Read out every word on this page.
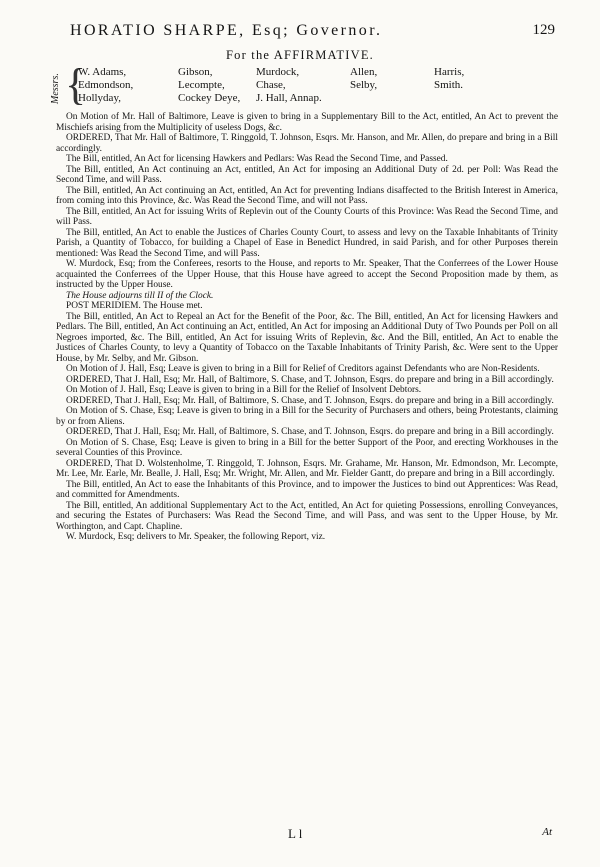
HORATIO SHARPE, Esq; Governor.	129
For the AFFIRMATIVE.
Messrs. {
W. Adams,
Edmondson,
Hollyday,
Gibson,
Lecompte,
Cockey Deye,
Murdock,
Chase,
J. Hall, Annap.
Allen,
Selby,
Harris,
Smith.

On Motion of Mr. Hall of Baltimore, Leave is given to bring in a Supplementary Bill to the Act, entitled, An Act to prevent the Mischiefs arising from the Multiplicity of useless Dogs, &c.

ORDERED, That Mr. Hall of Baltimore, T. Ringgold, T. Johnson, Esqrs. Mr. Hanson, and Mr. Allen, do prepare and bring in a Bill accordingly.

The Bill, entitled, An Act for licensing Hawkers and Pedlars: Was Read the Second Time, and Passed.

The Bill, entitled, An Act continuing an Act, entitled, An Act for imposing an Additional Duty of 2d. per Poll: Was Read the Second Time, and will Pass.

The Bill, entitled, An Act continuing an Act, entitled, An Act for preventing Indians disaffected to the British Interest in America, from coming into this Province, &c. Was Read the Second Time, and will not Pass.

The Bill, entitled, An Act for issuing Writs of Replevin out of the County Courts of this Province: Was Read the Second Time, and will Pass.

The Bill, entitled, An Act to enable the Justices of Charles County Court, to assess and levy on the Taxable Inhabitants of Trinity Parish, a Quantity of Tobacco, for building a Chapel of Ease in Benedict Hundred, in said Parish, and for other Purposes therein mentioned: Was Read the Second Time, and will Pass.

W. Murdock, Esq; from the Conferees, resorts to the House, and reports to Mr. Speaker, That the Conferrees of the Lower House acquainted the Conferrees of the Upper House, that this House have agreed to accept the Second Proposition made by them, as instructed by the Upper House.

The House adjourns till II of the Clock.

POST MERIDIEM. The House met.

The Bill, entitled, An Act to Repeal an Act for the Benefit of the Poor, &c. The Bill, entitled, An Act for licensing Hawkers and Pedlars. The Bill, entitled, An Act continuing an Act, entitled, An Act for imposing an Additional Duty of Two Pounds per Poll on all Negroes imported, &c. The Bill, entitled, An Act for issuing Writs of Replevin, &c. And the Bill, entitled, An Act to enable the Justices of Charles County, to levy a Quantity of Tobacco on the Taxable Inhabitants of Trinity Parish, &c. Were sent to the Upper House, by Mr. Selby, and Mr. Gibson.

On Motion of J. Hall, Esq; Leave is given to bring in a Bill for Relief of Creditors against Defendants who are Non-Residents.

ORDERED, That J. Hall, Esq; Mr. Hall, of Baltimore, S. Chase, and T. Johnson, Esqrs. do prepare and bring in a Bill accordingly.

On Motion of J. Hall, Esq; Leave is given to bring in a Bill for the Relief of Insolvent Debtors.

ORDERED, That J. Hall, Esq; Mr. Hall, of Baltimore, S. Chase, and T. Johnson, Esqrs. do prepare and bring in a Bill accordingly.

On Motion of S. Chase, Esq; Leave is given to bring in a Bill for the Security of Purchasers and others, being Protestants, claiming by or from Aliens.

ORDERED, That J. Hall, Esq; Mr. Hall, of Baltimore, S. Chase, and T. Johnson, Esqrs. do prepare and bring in a Bill accordingly.

On Motion of S. Chase, Esq; Leave is given to bring in a Bill for the better Support of the Poor, and erecting Workhouses in the several Counties of this Province.

ORDERED, That D. Wolstenholme, T. Ringgold, T. Johnson, Esqrs. Mr. Grahame, Mr. Hanson, Mr. Edmondson, Mr. Lecompte, Mr. Lee, Mr. Earle, Mr. Bealle, J. Hall, Esq; Mr. Wright, Mr. Allen, and Mr. Fielder Gantt, do prepare and bring in a Bill accordingly.

The Bill, entitled, An Act to ease the Inhabitants of this Province, and to impower the Justices to bind out Apprentices: Was Read, and committed for Amendments.

The Bill, entitled, An additional Supplementary Act to the Act, entitled, An Act for quieting Possessions, enrolling Conveyances, and securing the Estates of Purchasers: Was Read the Second Time, and will Pass, and was sent to the Upper House, by Mr. Worthington, and Capt. Chapline.

W. Murdock, Esq; delivers to Mr. Speaker, the following Report, viz.

L l	At
